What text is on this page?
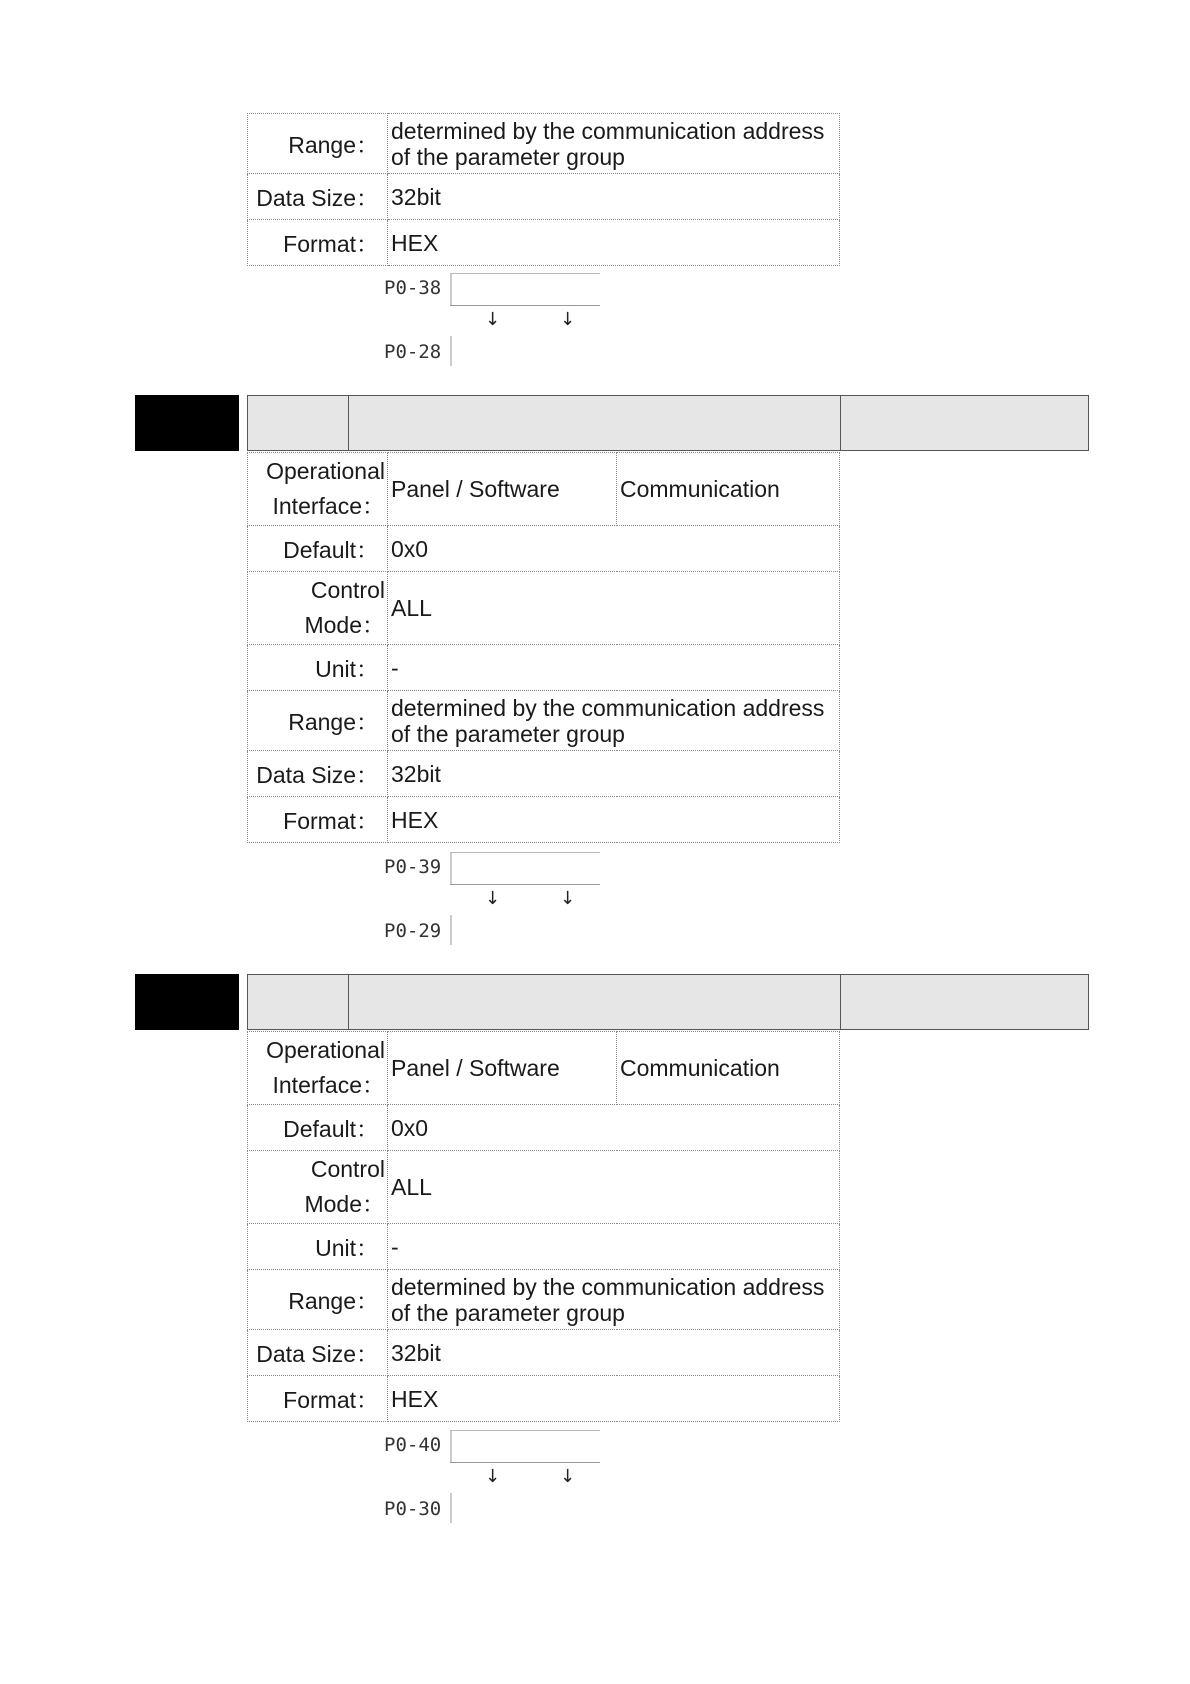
Range：	determined by the communication address of the parameter group
Data Size：	32bit
Format：	HEX
P0-38
↓	↓
P0-28
Operational
Interface：	Panel / Software	Communication
Default：	0x0	
Control
Mode：	ALL	
Unit：	-	
Range：	determined by the communication address of the parameter group	
Data Size：	32bit	
Format：	HEX	
P0-39
↓	↓
P0-29
Operational
Interface：	Panel / Software	Communication
Default：	0x0	
Control
Mode：	ALL	
Unit：	-	
Range：	determined by the communication address of the parameter group	
Data Size：	32bit	
Format：	HEX	
P0-40
↓	↓
P0-30
